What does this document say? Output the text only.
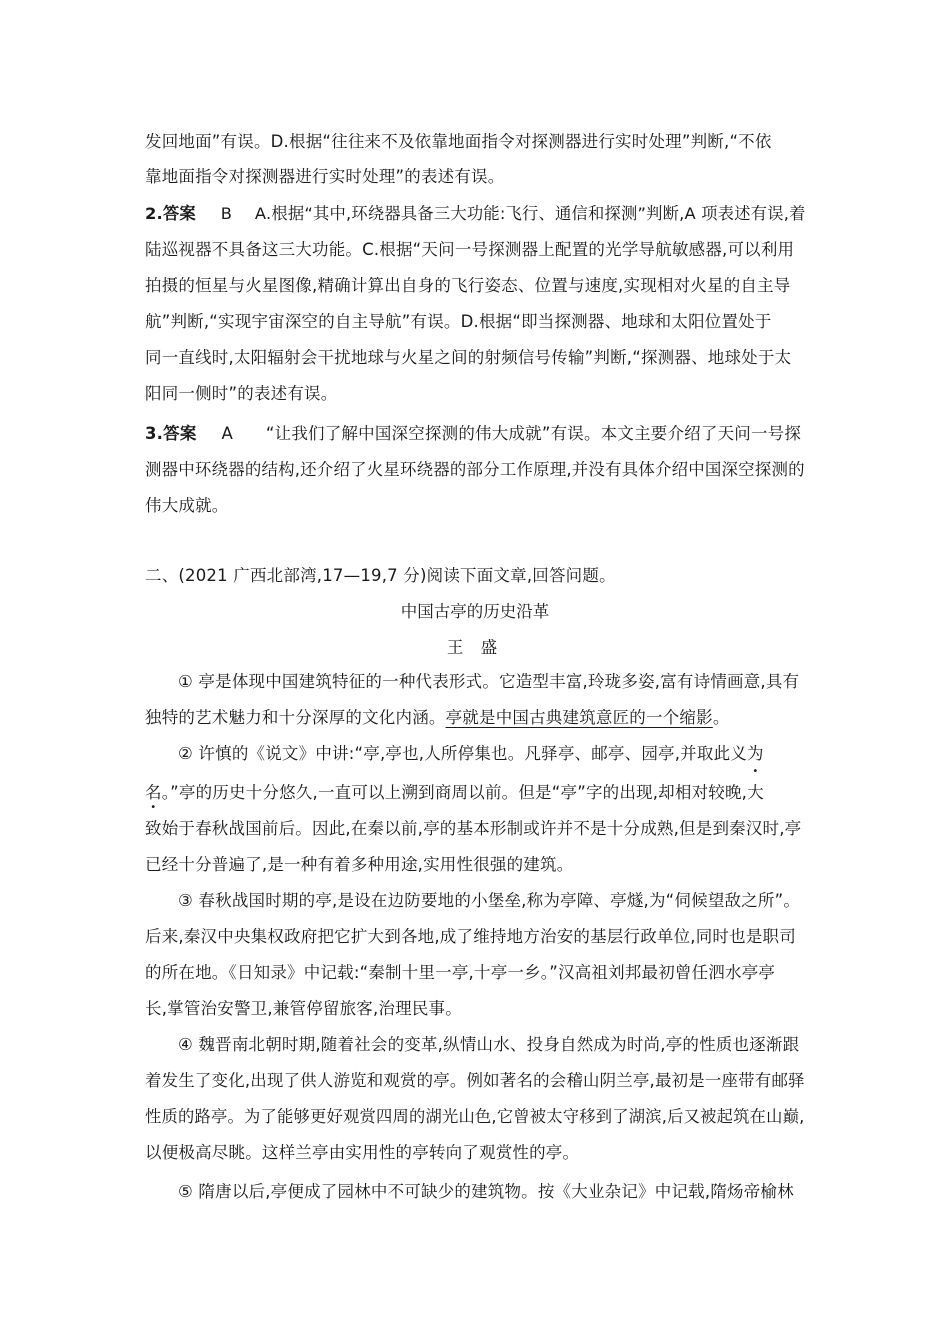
发回地面”有误。D.根据“往往来不及依靠地面指令对探测器进行实时处理”判断,“不依
靠地面指令对探测器进行实时处理”的表述有误。
2.答案 B A.根据“其中,环绕器具备三大功能:飞行、通信和探测”判断,A 项表述有误,着
陆巡视器不具备这三大功能。C.根据“天问一号探测器上配置的光学导航敏感器,可以利用
拍摄的恒星与火星图像,精确计算出自身的飞行姿态、位置与速度,实现相对火星的自主导
航”判断,“实现宇宙深空的自主导航”有误。D.根据“即当探测器、地球和太阳位置处于
同一直线时,太阳辐射会干扰地球与火星之间的射频信号传输”判断,“探测器、地球处于太
阳同一侧时”的表述有误。
3.答案 A “让我们了解中国深空探测的伟大成就”有误。本文主要介绍了天问一号探
测器中环绕器的结构,还介绍了火星环绕器的部分工作原理,并没有具体介绍中国深空探测的
伟大成就。
二、(2021 广西北部湾,17—19,7 分)阅读下面文章,回答问题。
中国古亭的历史沿革
王 盛
① 亭是体现中国建筑特征的一种代表形式。它造型丰富,玲珑多姿,富有诗情画意,具有
独特的艺术魅力和十分深厚的文化内涵。亭就是中国古典建筑意匠的一个缩影。
② 许慎的《说文》中讲:“亭,亭也,人所停集也。凡驿亭、邮亭、园亭,并取此义为
名。”亭的历史十分悠久,一直可以上溯到商周以前。但是“亭”字的出现,却相对较晚,
•
大
•
致始于春秋战国前后。因此,在秦以前,亭的基本形制或许并不是十分成熟,但是到秦汉时,亭
已经十分普遍了,是一种有着多种用途,实用性很强的建筑。
③ 春秋战国时期的亭,是设在边防要地的小堡垒,称为亭障、亭燧,为“伺候望敌之所”。
后来,秦汉中央集权政府把它扩大到各地,成了维持地方治安的基层行政单位,同时也是职司
的所在地。《日知录》中记载:“秦制十里一亭,十亭一乡。”汉高祖刘邦最初曾任泗水亭亭
长,掌管治安警卫,兼管停留旅客,治理民事。
④ 魏晋南北朝时期,随着社会的变革,纵情山水、投身自然成为时尚,亭的性质也逐渐跟
着发生了变化,出现了供人游览和观赏的亭。例如著名的会稽山阴兰亭,最初是一座带有邮驿
性质的路亭。为了能够更好观赏四周的湖光山色,它曾被太守移到了湖滨,后又被起筑在山巅,
以便极高尽眺。这样兰亭由实用性的亭转向了观赏性的亭。
⑤ 隋唐以后,亭便成了园林中不可缺少的建筑物。按《大业杂记》中记载,隋炀帝榆林
